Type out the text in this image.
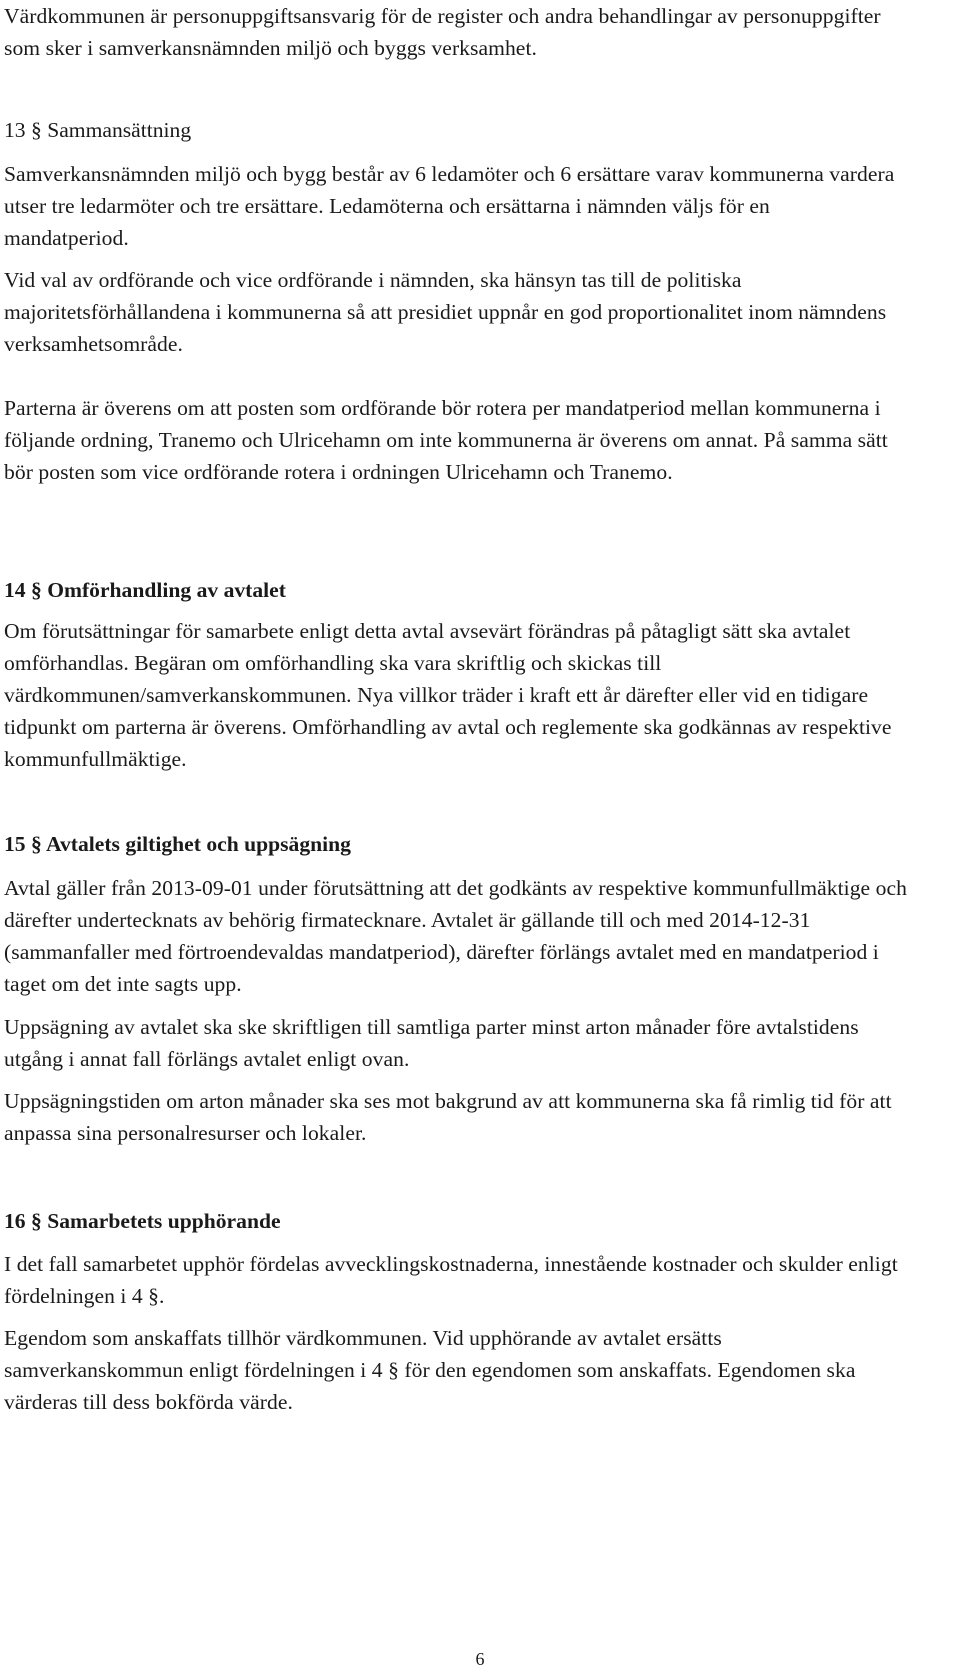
Värdkommunen är personuppgiftsansvarig för de register och andra behandlingar av personuppgifter som sker i samverkansnämnden miljö och byggs verksamhet.

13 § Sammansättning

Samverkansnämnden miljö och bygg består av 6 ledamöter och 6 ersättare varav kommunerna vardera utser tre ledarmöter och tre ersättare. Ledamöterna och ersättarna i nämnden väljs för en mandatperiod.

Vid val av ordförande och vice ordförande i nämnden, ska hänsyn tas till de politiska majoritetsförhållandena i kommunerna så att presidiet uppnår en god proportionalitet inom nämndens verksamhetsområde.

Parterna är överens om att posten som ordförande bör rotera per mandatperiod mellan kommunerna i följande ordning, Tranemo och Ulricehamn om inte kommunerna är överens om annat. På samma sätt bör posten som vice ordförande rotera i ordningen Ulricehamn och Tranemo.

14 § Omförhandling av avtalet

Om förutsättningar för samarbete enligt detta avtal avsevärt förändras på påtagligt sätt ska avtalet omförhandlas. Begäran om omförhandling ska vara skriftlig och skickas till värdkommunen/samverkanskommunen. Nya villkor träder i kraft ett år därefter eller vid en tidigare tidpunkt om parterna är överens. Omförhandling av avtal och reglemente ska godkännas av respektive kommunfullmäktige.

15 § Avtalets giltighet och uppsägning

Avtal gäller från 2013-09-01 under förutsättning att det godkänts av respektive kommunfullmäktige och därefter undertecknats av behörig firmatecknare. Avtalet är gällande till och med 2014-12-31 (sammanfaller med förtroendevaldas mandatperiod), därefter förlängs avtalet med en mandatperiod i taget om det inte sagts upp.

Uppsägning av avtalet ska ske skriftligen till samtliga parter minst arton månader före avtalstidens utgång i annat fall förlängs avtalet enligt ovan.

Uppsägningstiden om arton månader ska ses mot bakgrund av att kommunerna ska få rimlig tid för att anpassa sina personalresurser och lokaler.

16 § Samarbetets upphörande

I det fall samarbetet upphör fördelas avvecklingskostnaderna, innestående kostnader och skulder enligt fördelningen i 4 §.

Egendom som anskaffats tillhör värdkommunen. Vid upphörande av avtalet ersätts samverkanskommun enligt fördelningen i 4 § för den egendomen som anskaffats. Egendomen ska värderas till dess bokförda värde.

6
